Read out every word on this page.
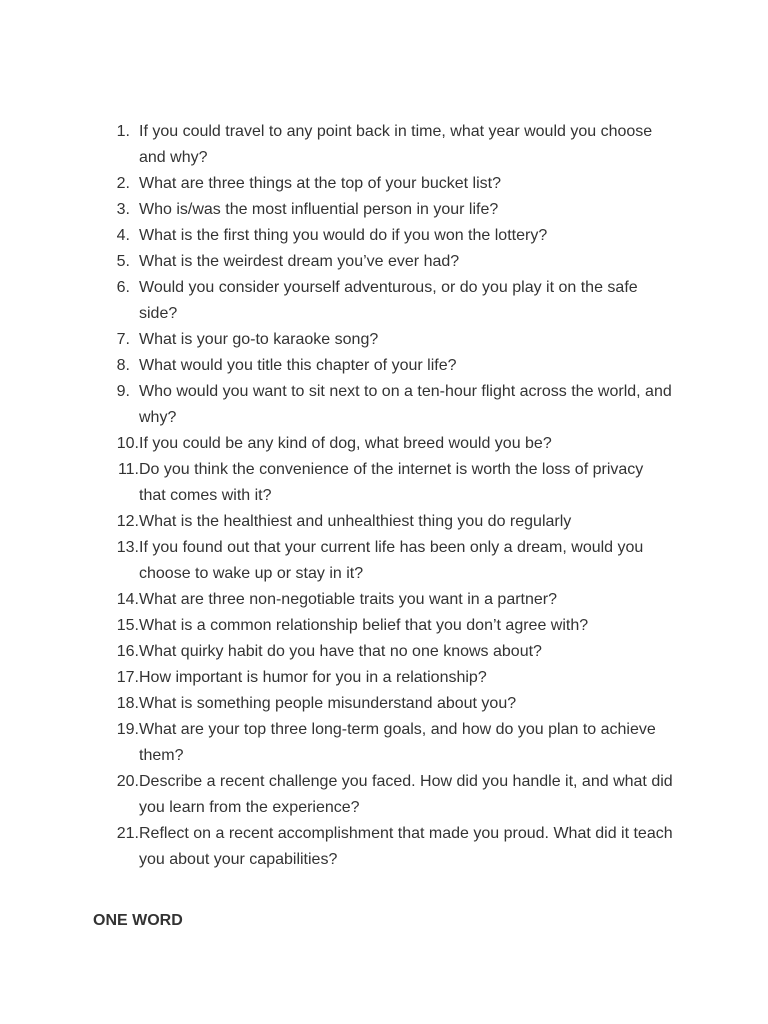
1. If you could travel to any point back in time, what year would you choose and why?
2. What are three things at the top of your bucket list?
3. Who is/was the most influential person in your life?
4. What is the first thing you would do if you won the lottery?
5. What is the weirdest dream you’ve ever had?
6. Would you consider yourself adventurous, or do you play it on the safe side?
7. What is your go-to karaoke song?
8. What would you title this chapter of your life?
9. Who would you want to sit next to on a ten-hour flight across the world, and why?
10. If you could be any kind of dog, what breed would you be?
11. Do you think the convenience of the internet is worth the loss of privacy that comes with it?
12. What is the healthiest and unhealthiest thing you do regularly
13. If you found out that your current life has been only a dream, would you choose to wake up or stay in it?
14. What are three non-negotiable traits you want in a partner?
15. What is a common relationship belief that you don’t agree with?
16. What quirky habit do you have that no one knows about?
17. How important is humor for you in a relationship?
18. What is something people misunderstand about you?
19. What are your top three long-term goals, and how do you plan to achieve them?
20. Describe a recent challenge you faced. How did you handle it, and what did you learn from the experience?
21. Reflect on a recent accomplishment that made you proud. What did it teach you about your capabilities?
ONE WORD
